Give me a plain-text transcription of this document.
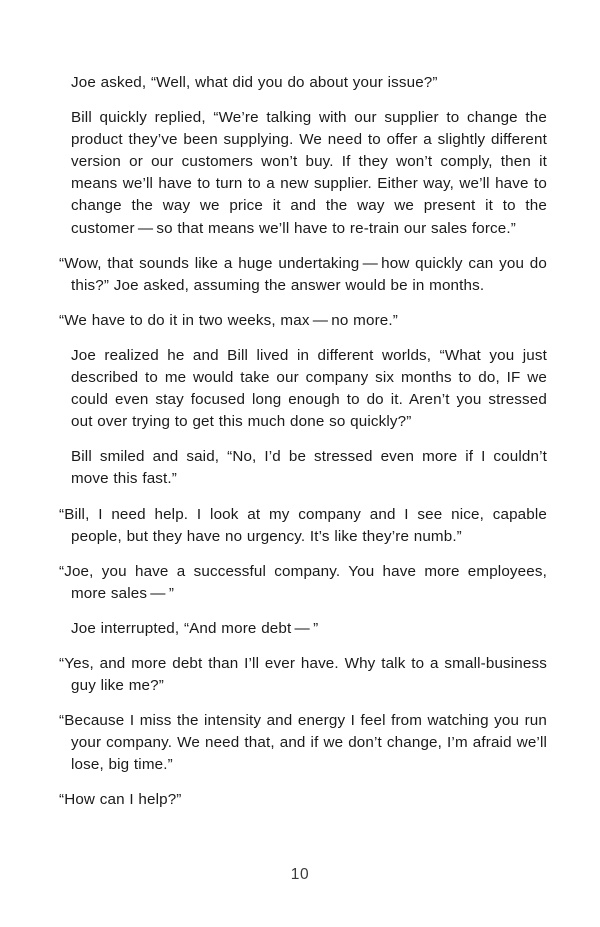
Joe asked, “Well, what did you do about your issue?”

Bill quickly replied, “We’re talking with our supplier to change the product they’ve been supplying. We need to offer a slightly different version or our customers won’t buy. If they won’t comply, then it means we’ll have to turn to a new supplier. Either way, we’ll have to change the way we price it and the way we present it to the customer — so that means we’ll have to re-train our sales force.”

“Wow, that sounds like a huge undertaking — how quickly can you do this?” Joe asked, assuming the answer would be in months.

“We have to do it in two weeks, max — no more.”

Joe realized he and Bill lived in different worlds, “What you just described to me would take our company six months to do, IF we could even stay focused long enough to do it. Aren’t you stressed out over trying to get this much done so quickly?”

Bill smiled and said, “No, I’d be stressed even more if I couldn’t move this fast.”

“Bill, I need help. I look at my company and I see nice, capable people, but they have no urgency. It’s like they’re numb.”

“Joe, you have a successful company. You have more employees, more sales — ”

Joe interrupted, “And more debt — ”

“Yes, and more debt than I’ll ever have. Why talk to a small-business guy like me?”

“Because I miss the intensity and energy I feel from watching you run your company. We need that, and if we don’t change, I’m afraid we’ll lose, big time.”

“How can I help?”

10
